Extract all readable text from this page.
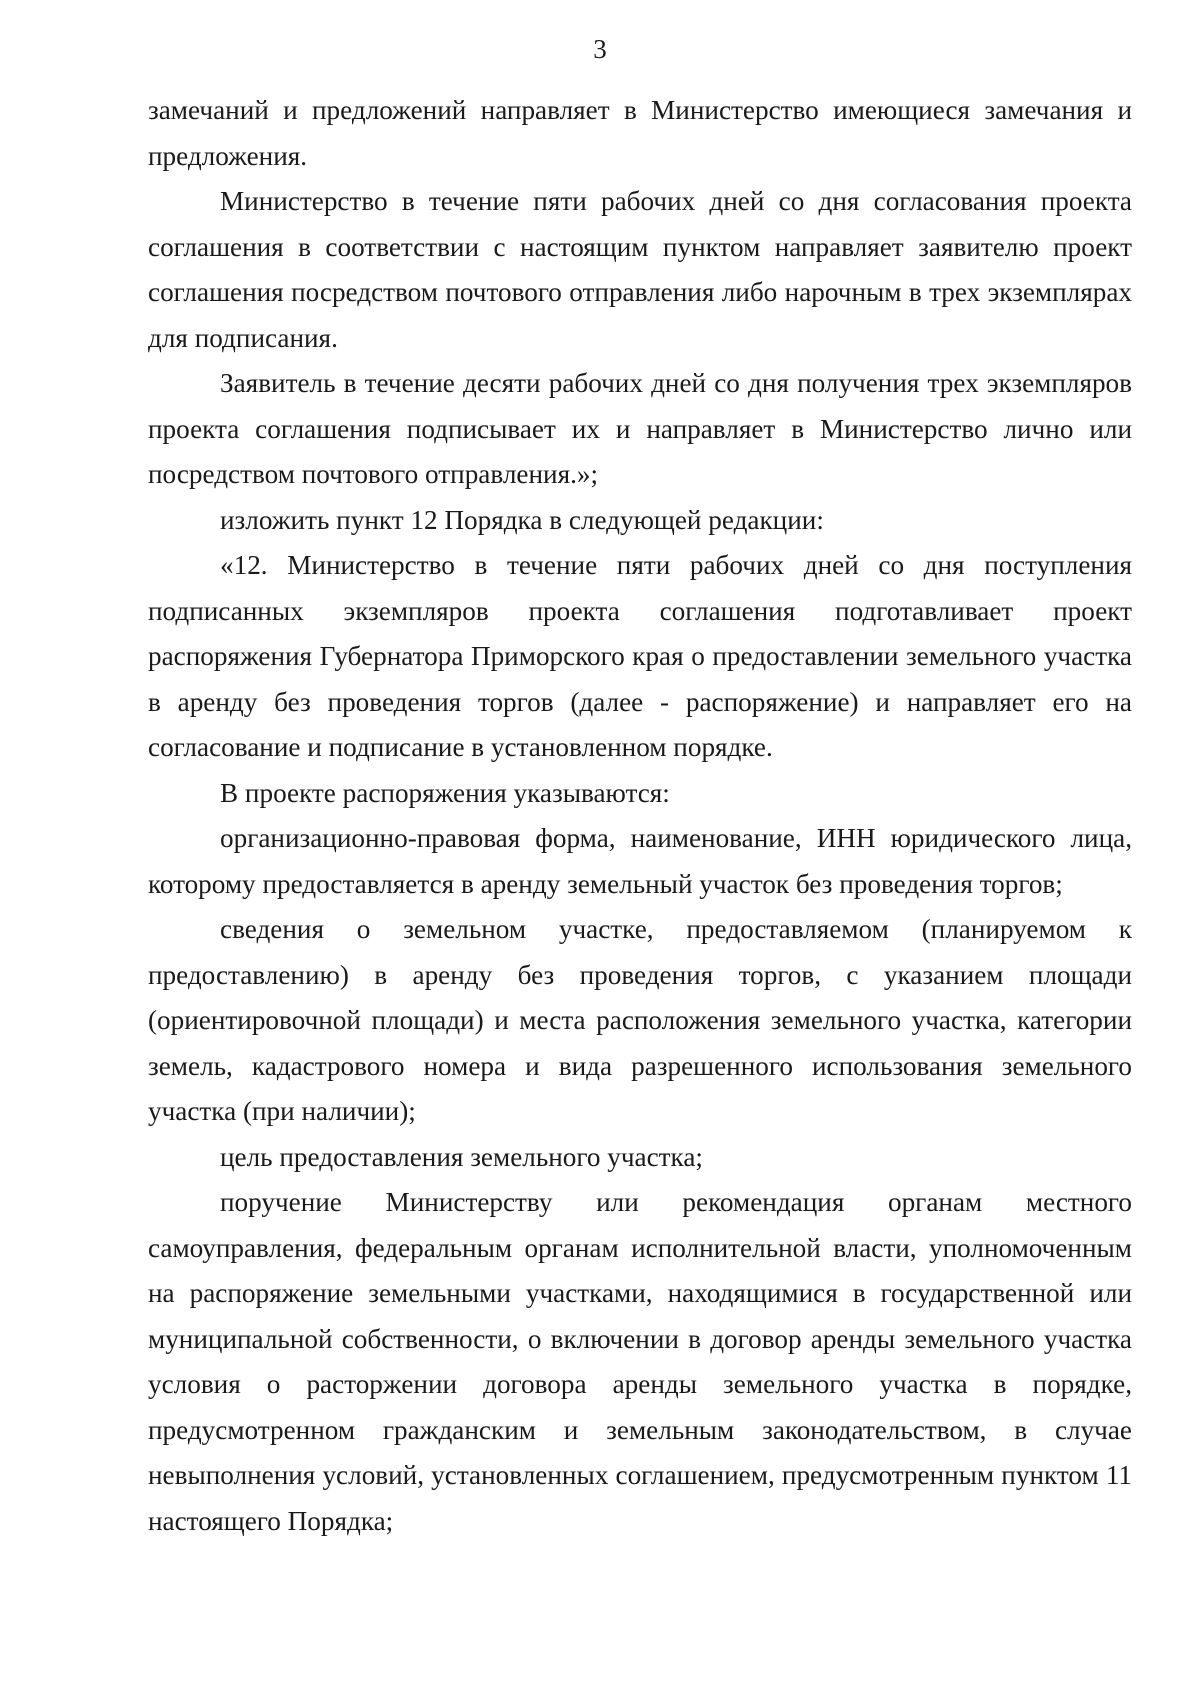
3

замечаний и предложений направляет в Министерство имеющиеся замечания и предложения.

Министерство в течение пяти рабочих дней со дня согласования проекта соглашения в соответствии с настоящим пунктом направляет заявителю проект соглашения посредством почтового отправления либо нарочным в трех экземплярах для подписания.

Заявитель в течение десяти рабочих дней со дня получения трех экземпляров проекта соглашения подписывает их и направляет в Министерство лично или посредством почтового отправления.»;

изложить пункт 12 Порядка в следующей редакции:

«12. Министерство в течение пяти рабочих дней со дня поступления подписанных экземпляров проекта соглашения подготавливает проект распоряжения Губернатора Приморского края о предоставлении земельного участка в аренду без проведения торгов (далее - распоряжение) и направляет его на согласование и подписание в установленном порядке.

В проекте распоряжения указываются:

организационно-правовая форма, наименование, ИНН юридического лица, которому предоставляется в аренду земельный участок без проведения торгов;

сведения о земельном участке, предоставляемом (планируемом к предоставлению) в аренду без проведения торгов, с указанием площади (ориентировочной площади) и места расположения земельного участка, категории земель, кадастрового номера и вида разрешенного использования земельного участка (при наличии);

цель предоставления земельного участка;

поручение Министерству или рекомендация органам местного самоуправления, федеральным органам исполнительной власти, уполномоченным на распоряжение земельными участками, находящимися в государственной или муниципальной собственности, о включении в договор аренды земельного участка условия о расторжении договора аренды земельного участка в порядке, предусмотренном гражданским и земельным законодательством, в случае невыполнения условий, установленных соглашением, предусмотренным пунктом 11 настоящего Порядка;
